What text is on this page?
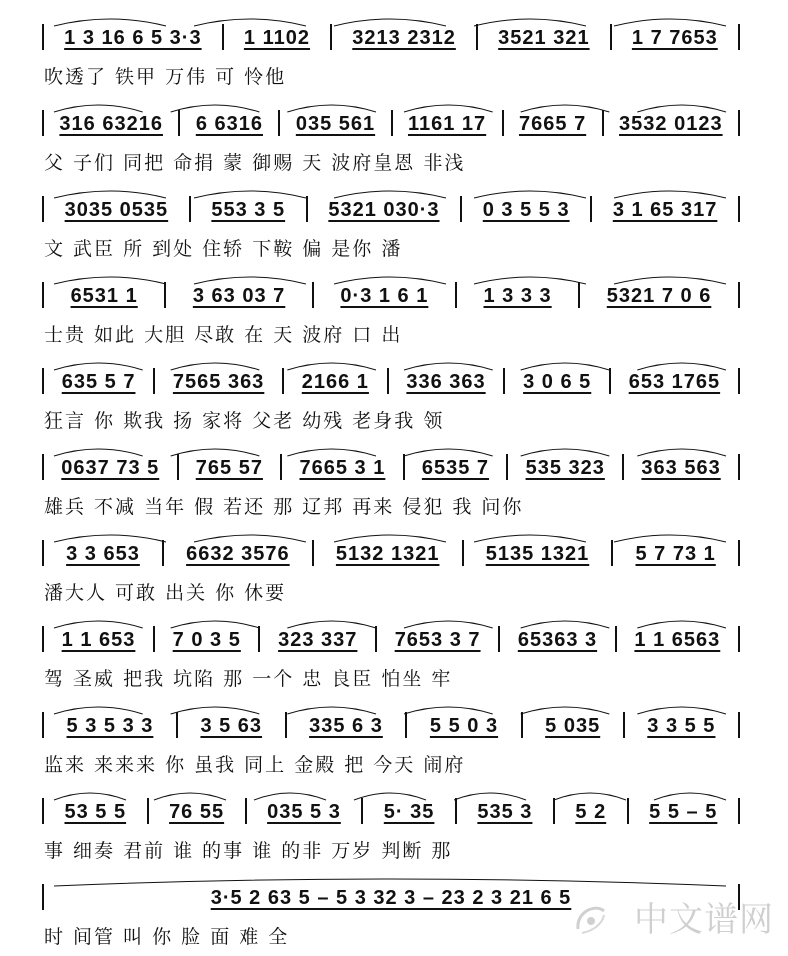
1 3 16 6 5 3·3 1 1102 3213 2312 3521 321 1 7 7653
吹透了 铁甲 万伟 可 怜他
316 63216 6 6316 035 561 1161 17 7665 7 3532 0123
父 子们 同把 命捐 蒙 御赐 天 波府皇恩 非浅
3035 0535 553 3 5 5321 030·3 0 3 5 5 3 3 1 65 317
文 武臣 所 到处 住轿 下鞍 偏 是你 潘
6531 1	3 63 03 7	0·3 1 6 1	1 3 3 3	5321 7 0 6
士贵 如此 大胆 尽敢 在 天 波府 口 出
635 5 7 7565 363 2166 1 336 363 3 0 6 5 653 1765
狂言 你 欺我 扬 家将 父老 幼残 老身我 领
0637 73 5 765 57 7665 3 1 6535 7 535 323 363 563
雄兵 不减 当年 假 若还 那 辽邦 再来 侵犯 我 问你
3 3 653 6632 3576 5132 1321 5135 1321 5 7 73 1
潘大人 可敢 出关 你 休要
1 1 653 7 0 3 5 323 337 7653 3 7 65363 3 1 1 6563
驾 圣威 把我 坑陷 那 一个 忠 良臣 怕坐 牢
5 3 5 3 3 3 5 63 335 6 3 5 5 0 3 5 035 3 3 5 5
监来 来来来 你 虽我 同上 金殿 把 今天 闹府
53 5 5 76 55 035 5 3 5· 35 535 3 5 2 5 5 – 5
事 细奏 君前 谁 的事 谁 的非 万岁 判断 那
3·5 2 63 5 – 5 3 32 3 – 23 2 3 21 6 5
时 间管 叫 你 脸 面 难 全	中文谱网
